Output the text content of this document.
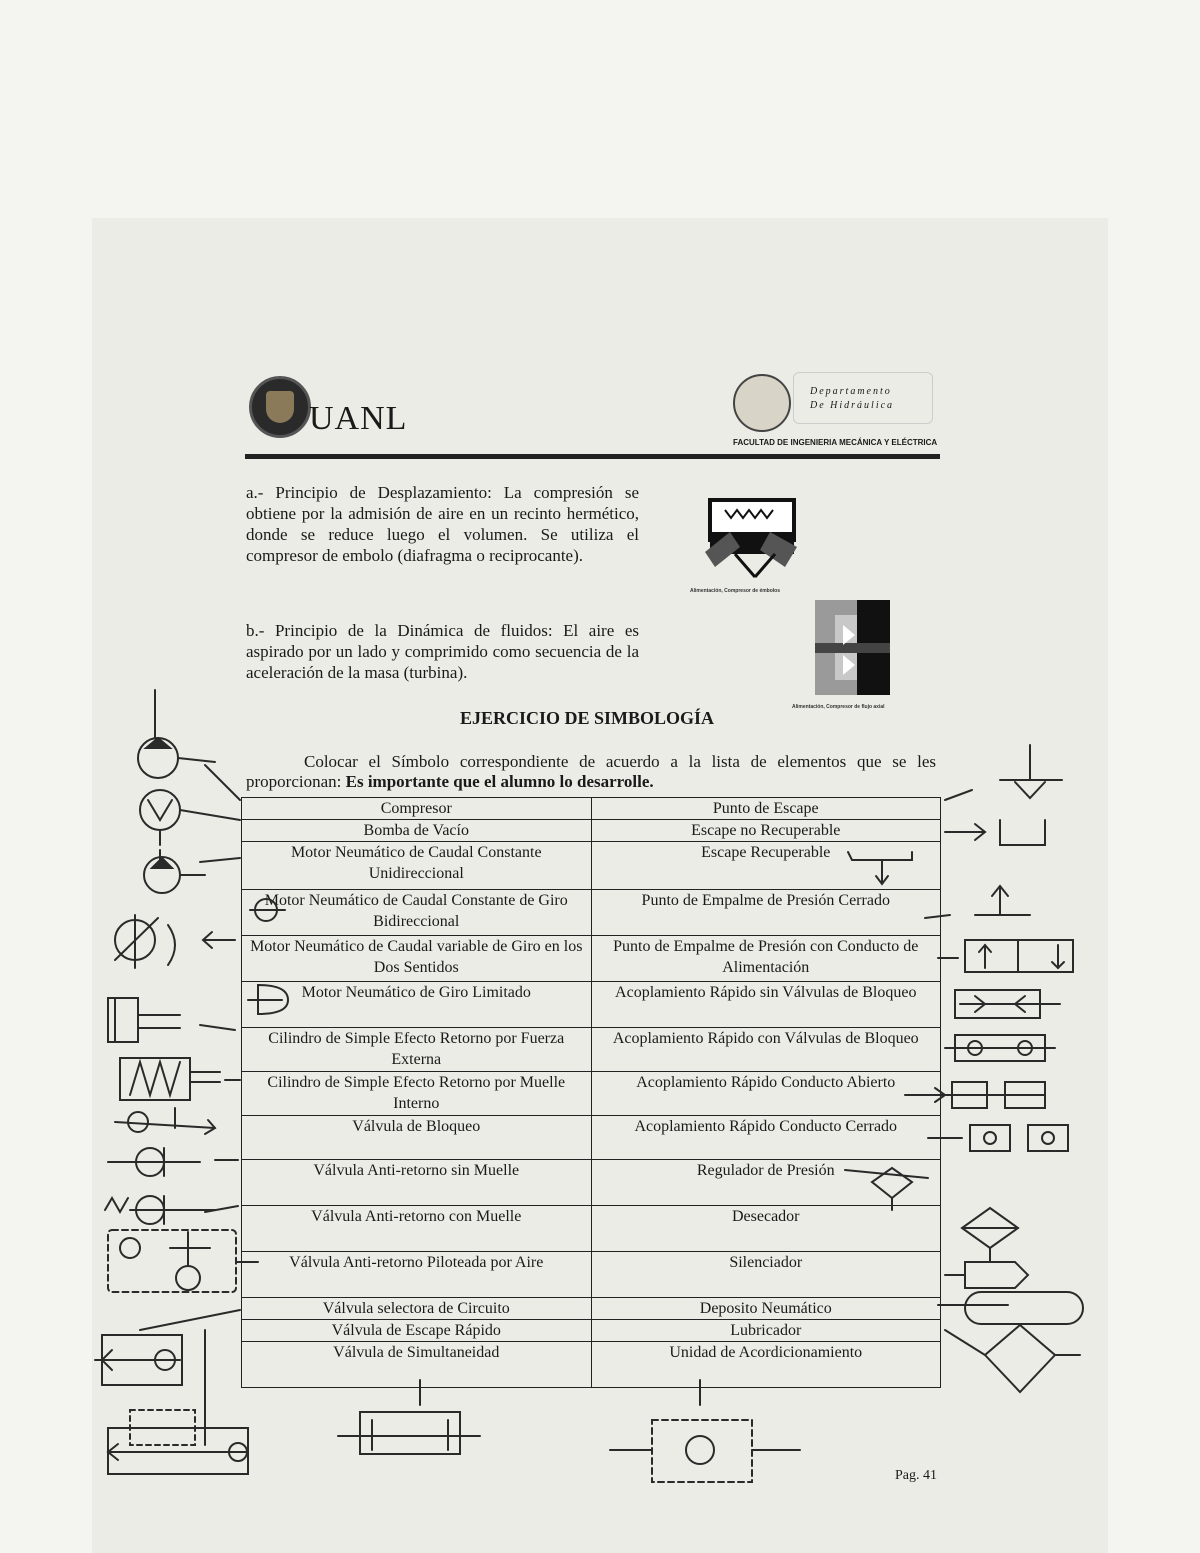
UANL
Departamento
De Hidráulica
FACULTAD DE INGENIERIA MECÁNICA Y ELÉCTRICA
a.- Principio de Desplazamiento: La compresión se obtiene por la admisión de aire en un recinto hermético, donde se reduce luego el volumen. Se utiliza el compresor de embolo (diafragma o reciprocante).
b.- Principio de la Dinámica de fluidos: El aire es aspirado por un lado y comprimido como secuencia de la aceleración de la masa (turbina).
Alimentación, Compresor de émbolos
Alimentación, Compresor de flujo axial
EJERCICIO DE SIMBOLOGÍA
Colocar el Símbolo correspondiente de acuerdo a la lista de elementos que se les proporcionan: Es importante que el alumno lo desarrolle.
Compresor	Punto de Escape
Bomba de Vacío	Escape no Recuperable
Motor Neumático de Caudal Constante Unidireccional	Escape Recuperable
Motor Neumático de Caudal Constante de Giro Bidireccional	Punto de Empalme de Presión Cerrado
Motor Neumático de Caudal variable de Giro en los Dos Sentidos	Punto de Empalme de Presión con Conducto de Alimentación
Motor Neumático de Giro Limitado	Acoplamiento Rápido sin Válvulas de Bloqueo
Cilindro de Simple Efecto Retorno por Fuerza Externa	Acoplamiento Rápido con Válvulas de Bloqueo
Cilindro de Simple Efecto Retorno por Muelle Interno	Acoplamiento Rápido Conducto Abierto
Válvula de Bloqueo	Acoplamiento Rápido Conducto Cerrado
Válvula Anti-retorno sin Muelle	Regulador de Presión
Válvula Anti-retorno con Muelle	Desecador
Válvula Anti-retorno Piloteada por Aire	Silenciador
Válvula selectora de Circuito	Deposito Neumático
Válvula de Escape Rápido	Lubricador
Válvula de Simultaneidad	Unidad de Acordicionamiento
Pag. 41
